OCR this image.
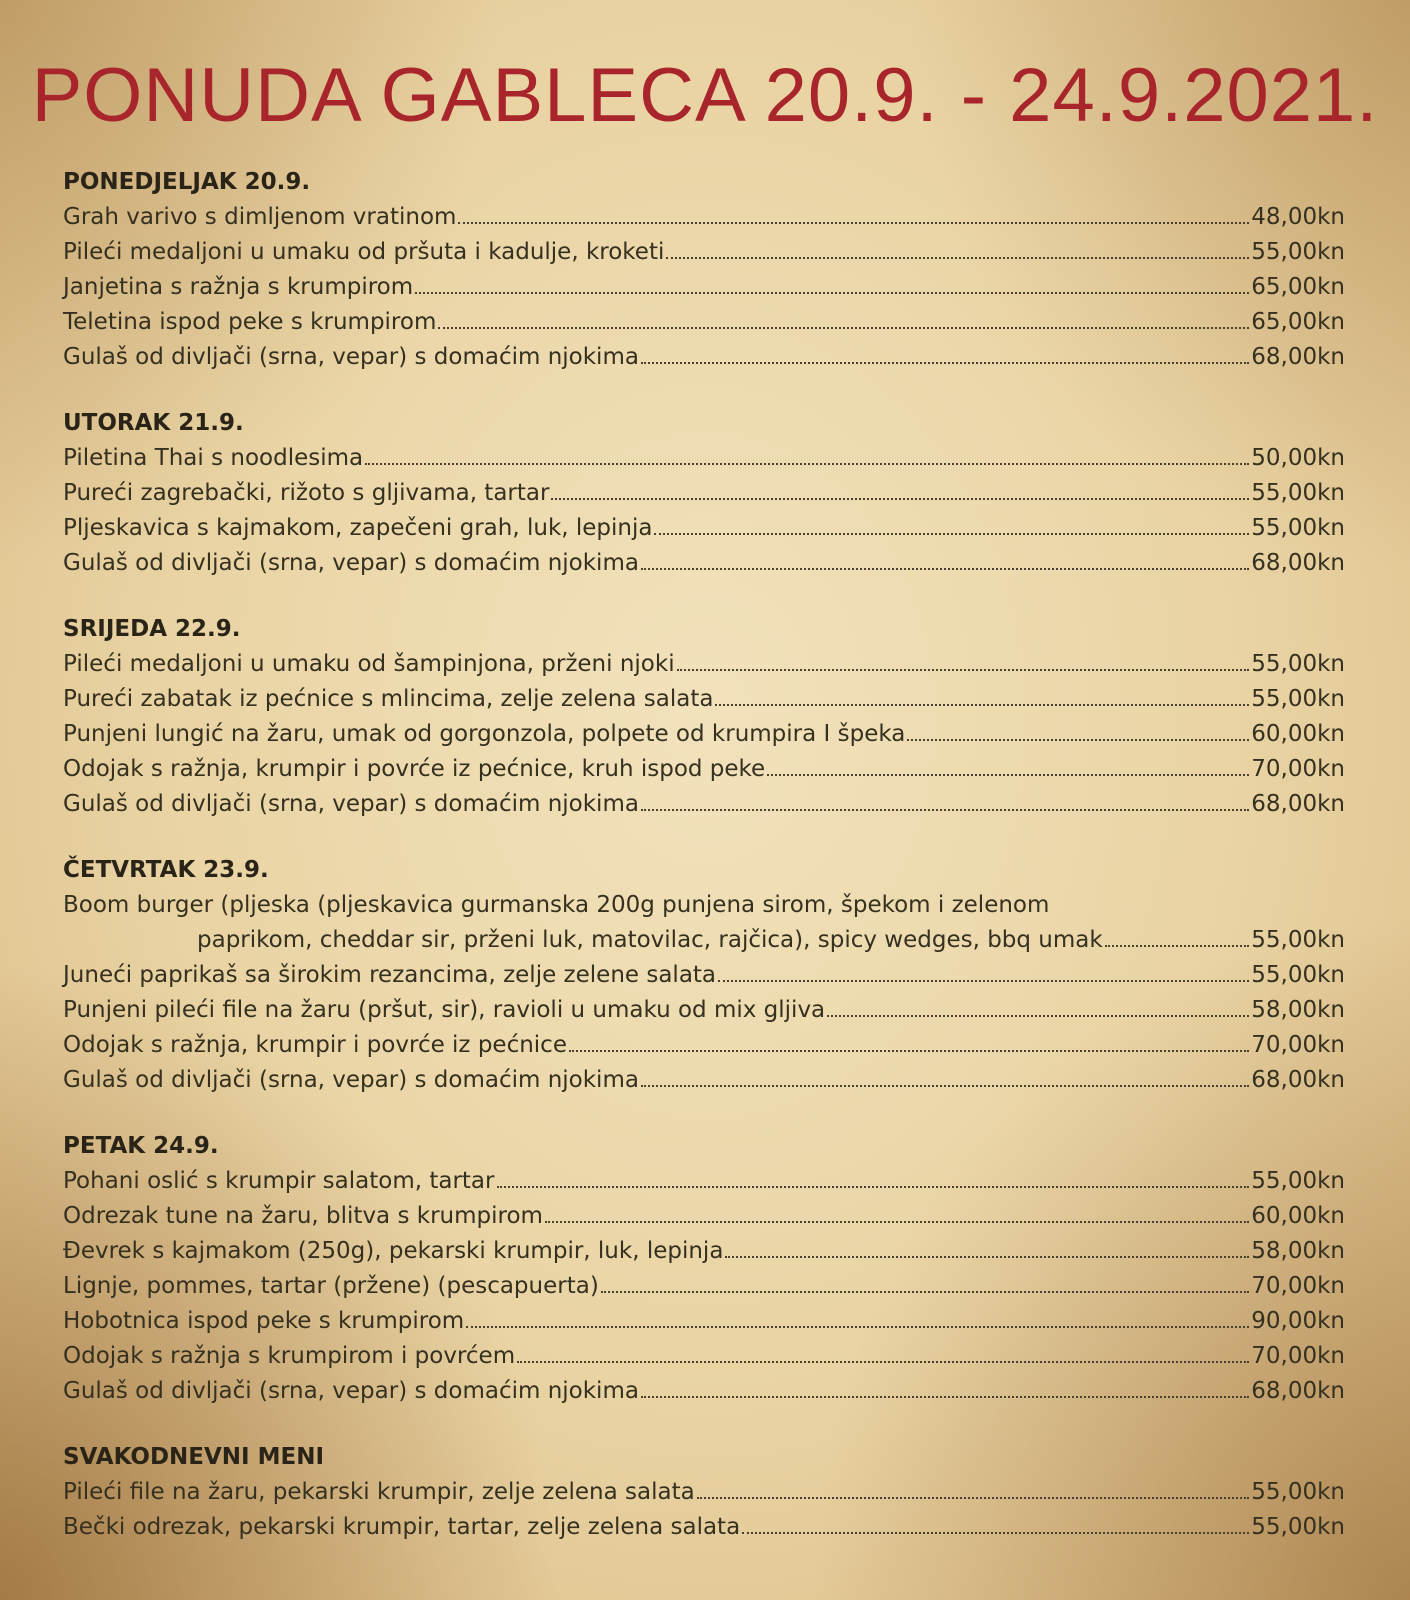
PONUDA GABLECA 20.9. - 24.9.2021.
PONEDJELJAK 20.9.
Grah varivo s dimljenom vratinom	48,00kn
Pileći medaljoni u umaku od pršuta i kadulje, kroketi	55,00kn
Janjetina s ražnja s krumpirom	65,00kn
Teletina ispod peke s krumpirom	65,00kn
Gulaš od divljači (srna, vepar) s domaćim njokima	68,00kn
UTORAK 21.9.
Piletina Thai s noodlesima	50,00kn
Pureći zagrebački, rižoto s gljivama, tartar	55,00kn
Pljeskavica s kajmakom, zapečeni grah, luk, lepinja	55,00kn
Gulaš od divljači (srna, vepar) s domaćim njokima	68,00kn
SRIJEDA 22.9.
Pileći medaljoni u umaku od šampinjona, prženi njoki	55,00kn
Pureći zabatak iz pećnice s mlincima, zelje zelena salata	55,00kn
Punjeni lungić na žaru, umak od gorgonzola, polpete od krumpira I špeka	60,00kn
Odojak s ražnja, krumpir i povrće iz pećnice, kruh ispod peke	70,00kn
Gulaš od divljači (srna, vepar) s domaćim njokima	68,00kn
ČETVRTAK 23.9.
Boom burger (pljeska (pljeskavica gurmanska 200g punjena sirom, špekom i zelenom
paprikom, cheddar sir, prženi luk, matovilac, rajčica), spicy wedges, bbq umak	55,00kn
Juneći paprikaš sa širokim rezancima, zelje zelene salata	55,00kn
Punjeni pileći file na žaru (pršut, sir), ravioli u umaku od mix gljiva	58,00kn
Odojak s ražnja, krumpir i povrće iz pećnice	70,00kn
Gulaš od divljači (srna, vepar) s domaćim njokima	68,00kn
PETAK 24.9.
Pohani oslić s krumpir salatom, tartar	55,00kn
Odrezak tune na žaru, blitva s krumpirom	60,00kn
Đevrek s kajmakom (250g), pekarski krumpir, luk, lepinja	58,00kn
Lignje, pommes, tartar (pržene) (pescapuerta)	70,00kn
Hobotnica ispod peke s krumpirom	90,00kn
Odojak s ražnja s krumpirom i povrćem	70,00kn
Gulaš od divljači (srna, vepar) s domaćim njokima	68,00kn
SVAKODNEVNI MENI
Pileći file na žaru, pekarski krumpir, zelje zelena salata	55,00kn
Bečki odrezak, pekarski krumpir, tartar, zelje zelena salata	55,00kn
